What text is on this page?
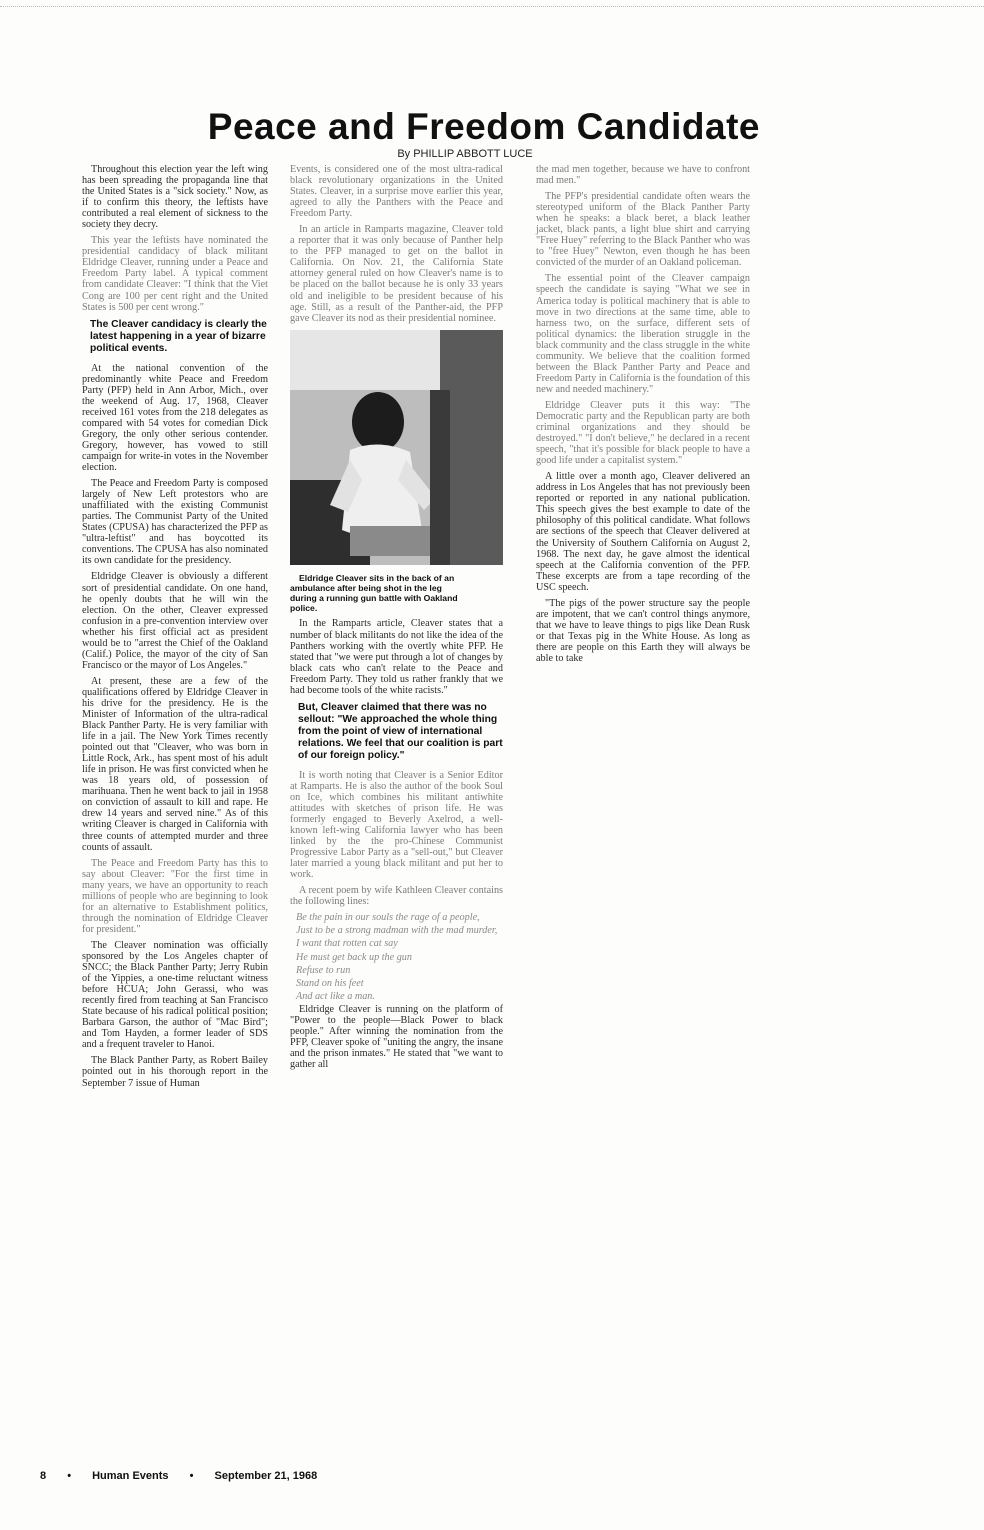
Peace and Freedom Candidate
By PHILLIP ABBOTT LUCE

Throughout this election year the left wing has been spreading the propaganda line that the United States is a "sick society." Now, as if to confirm this theory, the leftists have contributed a real element of sickness to the society they decry.

This year the leftists have nominated the presidential candidacy of black militant Eldridge Cleaver, running under a Peace and Freedom Party label. A typical comment from candidate Cleaver: "I think that the Viet Cong are 100 per cent right and the United States is 500 per cent wrong."

The Cleaver candidacy is clearly the latest happening in a year of bizarre political events.

At the national convention of the predominantly white Peace and Freedom Party (PFP) held in Ann Arbor, Mich., over the weekend of Aug. 17, 1968, Cleaver received 161 votes from the 218 delegates as compared with 54 votes for comedian Dick Gregory, the only other serious contender. Gregory, however, has vowed to still campaign for write-in votes in the November election.

The Peace and Freedom Party is composed largely of New Left protestors who are unaffiliated with the existing Communist parties. The Communist Party of the United States (CPUSA) has characterized the PFP as "ultra-leftist" and has boycotted its conventions. The CPUSA has also nominated its own candidate for the presidency.

Eldridge Cleaver is obviously a different sort of presidential candidate. On one hand, he openly doubts that he will win the election. On the other, Cleaver expressed confusion in a pre-convention interview over whether his first official act as president would be to "arrest the Chief of the Oakland (Calif.) Police, the mayor of the city of San Francisco or the mayor of Los Angeles."

At present, these are a few of the qualifications offered by Eldridge Cleaver in his drive for the presidency. He is the Minister of Information of the ultra-radical Black Panther Party. He is very familiar with life in a jail. The New York Times recently pointed out that "Cleaver, who was born in Little Rock, Ark., has spent most of his adult life in prison. He was first convicted when he was 18 years old, of possession of marihuana. Then he went back to jail in 1958 on conviction of assault to kill and rape. He drew 14 years and served nine." As of this writing Cleaver is charged in California with three counts of attempted murder and three counts of assault.

The Peace and Freedom Party has this to say about Cleaver: "For the first time in many years, we have an opportunity to reach millions of people who are beginning to look for an alternative to Establishment politics, through the nomination of Eldridge Cleaver for president."

The Cleaver nomination was officially sponsored by the Los Angeles chapter of SNCC; the Black Panther Party; Jerry Rubin of the Yippies, a one-time reluctant witness before HCUA; John Gerassi, who was recently fired from teaching at San Francisco State because of his radical political position; Barbara Garson, the author of "Mac Bird"; and Tom Hayden, a former leader of SDS and a frequent traveler to Hanoi.

The Black Panther Party, as Robert Bailey pointed out in his thorough report in the September 7 issue of Human

Events, is considered one of the most ultra-radical black revolutionary organizations in the United States. Cleaver, in a surprise move earlier this year, agreed to ally the Panthers with the Peace and Freedom Party.

In an article in Ramparts magazine, Cleaver told a reporter that it was only because of Panther help to the PFP managed to get on the ballot in California. On Nov. 21, the California State attorney general ruled on how Cleaver's name is to be placed on the ballot because he is only 33 years old and ineligible to be president because of his age. Still, as a result of the Panther-aid, the PFP gave Cleaver its nod as their presidential nominee.

Eldridge Cleaver sits in the back of an ambulance after being shot in the leg during a running gun battle with Oakland police.

In the Ramparts article, Cleaver states that a number of black militants do not like the idea of the Panthers working with the overtly white PFP. He stated that "we were put through a lot of changes by black cats who can't relate to the Peace and Freedom Party. They told us rather frankly that we had become tools of the white racists."

But, Cleaver claimed that there was no sellout: "We approached the whole thing from the point of view of international relations. We feel that our coalition is part of our foreign policy."

It is worth noting that Cleaver is a Senior Editor at Ramparts. He is also the author of the book Soul on Ice, which combines his militant antiwhite attitudes with sketches of prison life. He was formerly engaged to Beverly Axelrod, a well-known left-wing California lawyer who has been linked by the the pro-Chinese Communist Progressive Labor Party as a "sell-out," but Cleaver later married a young black militant and put her to work.

A recent poem by wife Kathleen Cleaver contains the following lines:

Be the pain in our souls the rage of a people,

Just to be a strong madman with the mad murder,

I want that rotten cat say

He must get back up the gun

Refuse to run

Stand on his feet

And act like a man.

Eldridge Cleaver is running on the platform of "Power to the people—Black Power to black people." After winning the nomination from the PFP, Cleaver spoke of "uniting the angry, the insane and the prison inmates." He stated that "we want to gather all

the mad men together, because we have to confront mad men."

The PFP's presidential candidate often wears the stereotyped uniform of the Black Panther Party when he speaks: a black beret, a black leather jacket, black pants, a light blue shirt and carrying "Free Huey" referring to the Black Panther who was to "free Huey" Newton, even though he has been convicted of the murder of an Oakland policeman.

The essential point of the Cleaver campaign speech the candidate is saying "What we see in America today is political machinery that is able to move in two directions at the same time, able to harness two, on the surface, different sets of political dynamics: the liberation struggle in the black community and the class struggle in the white community. We believe that the coalition formed between the Black Panther Party and Peace and Freedom Party in California is the foundation of this new and needed machinery."

Eldridge Cleaver puts it this way: "The Democratic party and the Republican party are both criminal organizations and they should be destroyed." "I don't believe," he declared in a recent speech, "that it's possible for black people to have a good life under a capitalist system."

A little over a month ago, Cleaver delivered an address in Los Angeles that has not previously been reported or reported in any national publication. This speech gives the best example to date of the philosophy of this political candidate. What follows are sections of the speech that Cleaver delivered at the University of Southern California on August 2, 1968. The next day, he gave almost the identical speech at the California convention of the PFP. These excerpts are from a tape recording of the USC speech.

"The pigs of the power structure say the people are impotent, that we can't control things anymore, that we have to leave things to pigs like Dean Rusk or that Texas pig in the White House. As long as there are people on this Earth they will always be able to take

8 • Human Events • September 21, 1968
